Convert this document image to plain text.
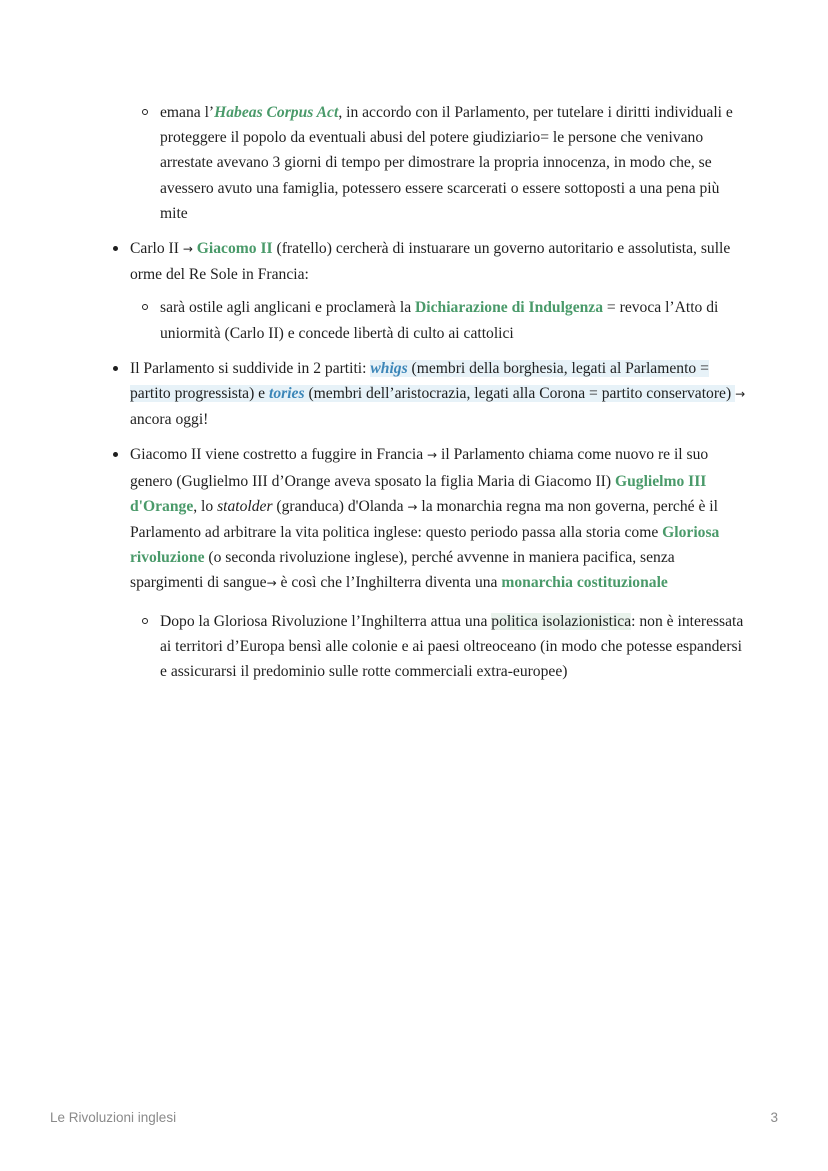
emana l’Habeas Corpus Act, in accordo con il Parlamento, per tutelare i diritti individuali e proteggere il popolo da eventuali abusi del potere giudiziario= le persone che venivano arrestate avevano 3 giorni di tempo per dimostrare la propria innocenza, in modo che, se avessero avuto una famiglia, potessero essere scarcerati o essere sottoposti a una pena più mite
Carlo II → Giacomo II (fratello) cercherà di instuarare un governo autoritario e assolutista, sulle orme del Re Sole in Francia:
sarà ostile agli anglicani e proclamerà la Dichiarazione di Indulgenza = revoca l’Atto di uniormità (Carlo II) e concede libertà di culto ai cattolici
Il Parlamento si suddivide in 2 partiti: whigs (membri della borghesia, legati al Parlamento = partito progressista) e tories (membri dell’aristocrazia, legati alla Corona = partito conservatore) → ancora oggi!
Giacomo II viene costretto a fuggire in Francia → il Parlamento chiama come nuovo re il suo genero (Guglielmo III d’Orange aveva sposato la figlia Maria di Giacomo II) Guglielmo III d'Orange, lo statolder (granduca) d'Olanda → la monarchia regna ma non governa, perché è il Parlamento ad arbitrare la vita politica inglese: questo periodo passa alla storia come Gloriosa rivoluzione (o seconda rivoluzione inglese), perché avvenne in maniera pacifica, senza spargimenti di sangue→ è così che l’Inghilterra diventa una monarchia costituzionale
Dopo la Gloriosa Rivoluzione l’Inghilterra attua una politica isolazionistica: non è interessata ai territori d’Europa bensì alle colonie e ai paesi oltreoceano (in modo che potesse espandersi e assicurarsi il predominio sulle rotte commerciali extra-europee)
Le Rivoluzioni inglesi	3
